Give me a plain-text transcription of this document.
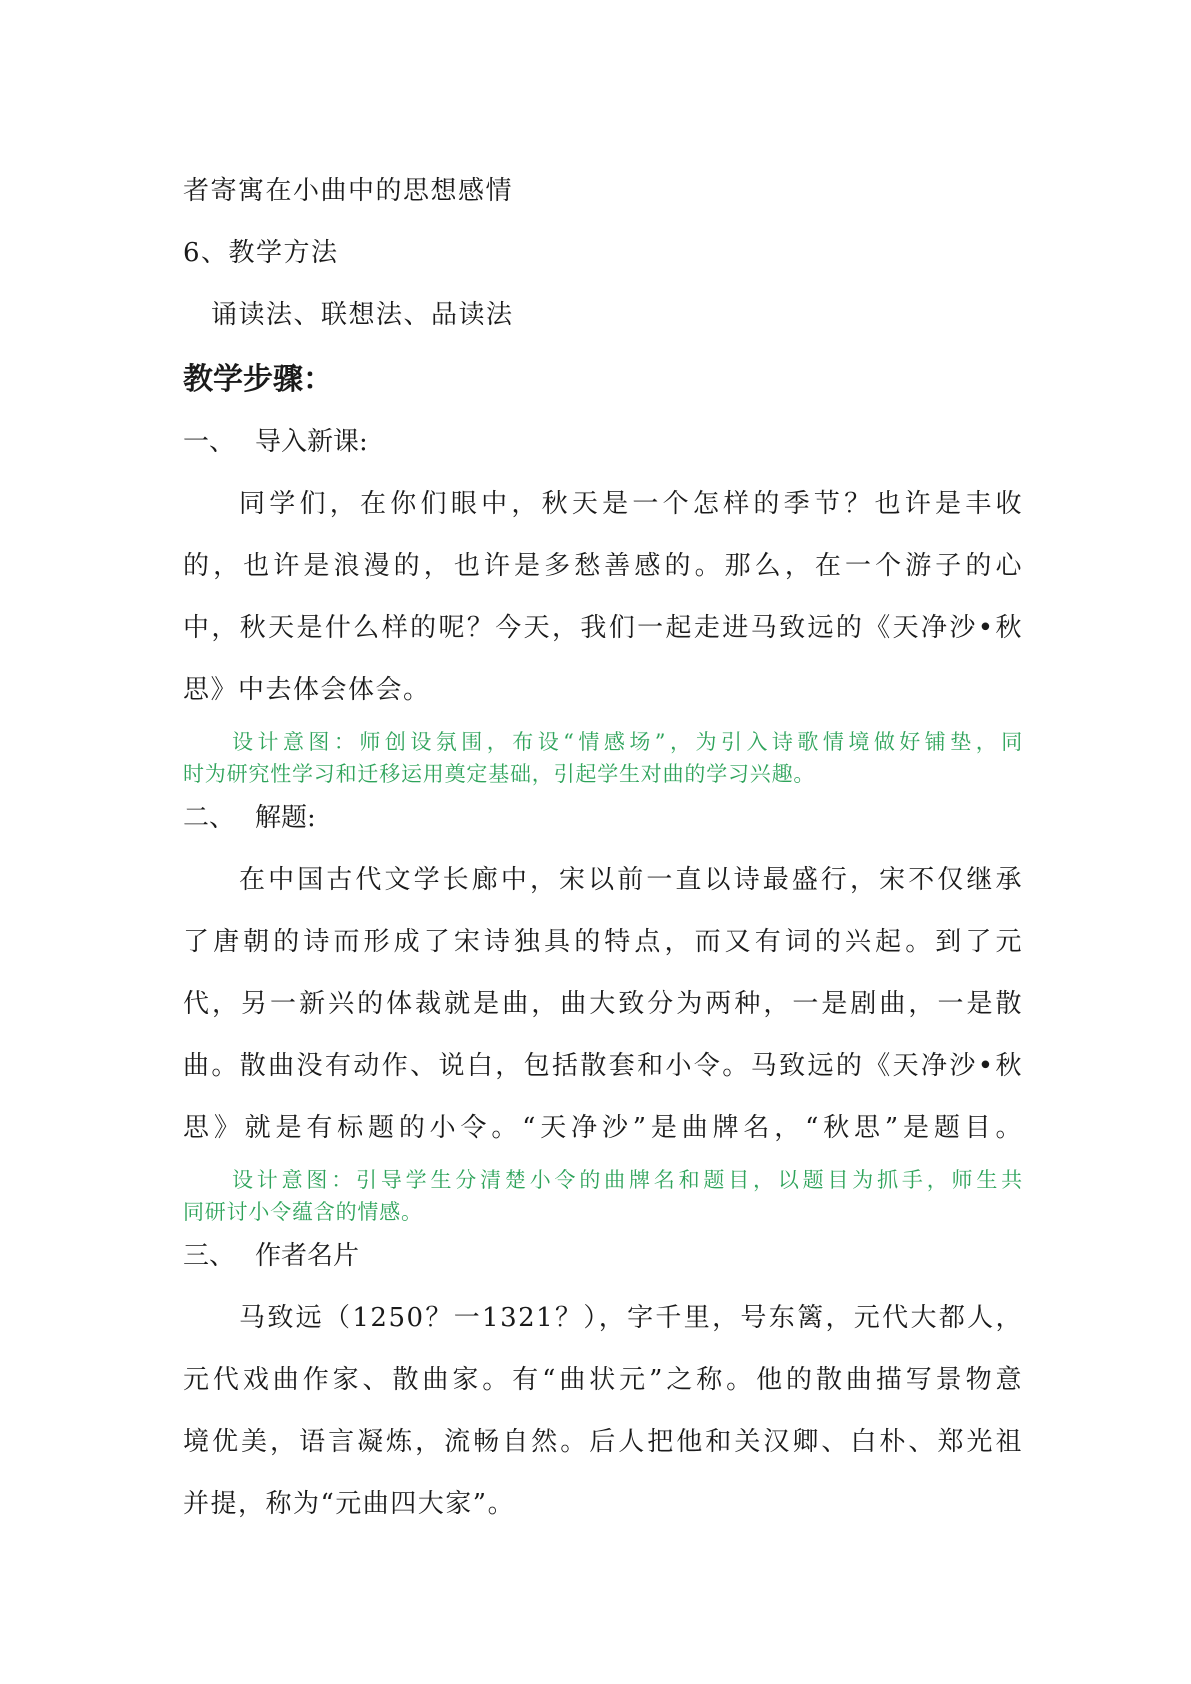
者寄寓在小曲中的思想感情
6、教学方法
诵读法、联想法、品读法
教学步骤：
一、 导入新课:
同学们，在你们眼中，秋天是一个怎样的季节？也许是丰收
的，也许是浪漫的，也许是多愁善感的。那么，在一个游子的心
中，秋天是什么样的呢？今天，我们一起走进马致远的《天净沙•秋
思》中去体会体会。
设计意图：师创设氛围，布设“情感场”，为引入诗歌情境做好铺垫，同
时为研究性学习和迁移运用奠定基础，引起学生对曲的学习兴趣。
二、 解题:
在中国古代文学长廊中，宋以前一直以诗最盛行，宋不仅继承
了唐朝的诗而形成了宋诗独具的特点，而又有词的兴起。到了元
代，另一新兴的体裁就是曲，曲大致分为两种，一是剧曲，一是散
曲。散曲没有动作、说白，包括散套和小令。马致远的《天净沙•秋
思》就是有标题的小令。“天净沙”是曲牌名，“秋思”是题目。
设计意图：引导学生分清楚小令的曲牌名和题目，以题目为抓手，师生共
同研讨小令蕴含的情感。
三、 作者名片
马致远（1250？一1321？），字千里，号东篱，元代大都人，
元代戏曲作家、散曲家。有“曲状元”之称。他的散曲描写景物意
境优美，语言凝炼，流畅自然。后人把他和关汉卿、白朴、郑光祖
并提，称为“元曲四大家”。
